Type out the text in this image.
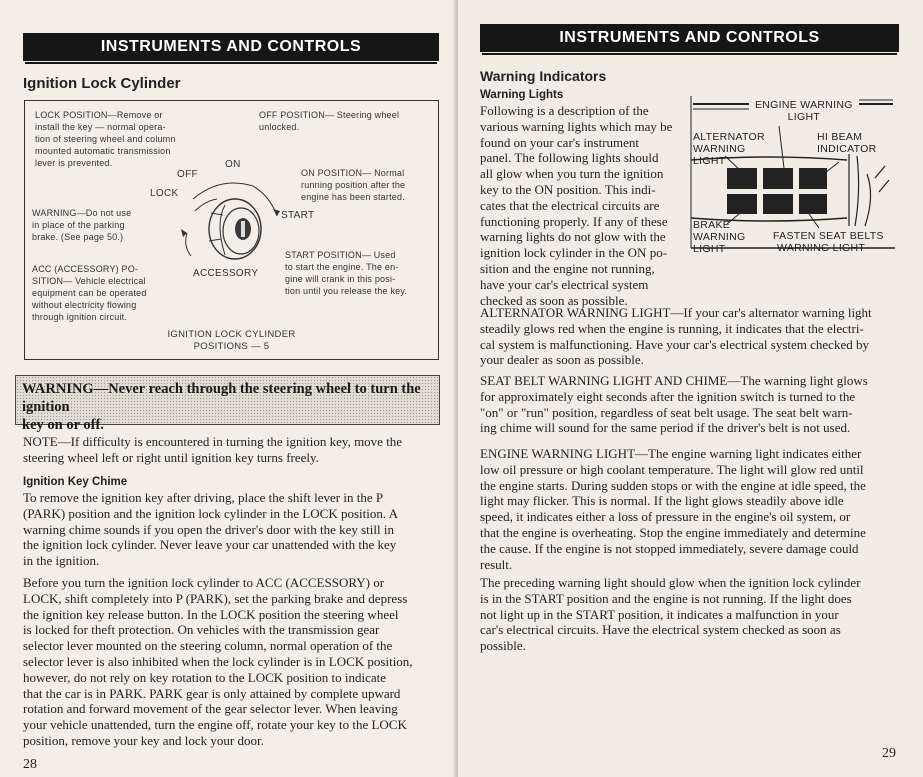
INSTRUMENTS AND CONTROLS
Ignition Lock Cylinder
LOCK POSITION—Remove or
install the key — normal opera-
tion of steering wheel and column
mounted automatic transmission
lever is prevented.
OFF POSITION— Steering wheel
unlocked.
WARNING—Do not use
in place of the parking
brake. (See page 50.)
ACC (ACCESSORY) PO-
SITION— Vehicle electrical
equipment can be operated
without electricity flowing
through ignition circuit.
ON POSITION— Normal
running position after the
engine has been started.
START POSITION— Used
to start the engine. The en-
gine will crank in this posi-
tion until you release the key.
ON
OFF
LOCK
START
ACCESSORY
IGNITION LOCK CYLINDER
POSITIONS — 5

WARNING—Never reach through the steering wheel to turn the ignition
key on or off.

NOTE—If difficulty is encountered in turning the ignition key, move the
steering wheel left or right until ignition key turns freely.
Ignition Key Chime
To remove the ignition key after driving, place the shift lever in the P
(PARK) position and the ignition lock cylinder in the LOCK position. A
warning chime sounds if you open the driver's door with the key still in
the ignition lock cylinder. Never leave your car unattended with the key
in the ignition.
Before you turn the ignition lock cylinder to ACC (ACCESSORY) or
LOCK, shift completely into P (PARK), set the parking brake and depress
the ignition key release button. In the LOCK position the steering wheel
is locked for theft protection. On vehicles with the transmission gear
selector lever mounted on the steering column, normal operation of the
selector lever is also inhibited when the lock cylinder is in LOCK position,
however, do not rely on key rotation to the LOCK position to indicate
that the car is in PARK. PARK gear is only attained by complete upward
rotation and forward movement of the gear selector lever. When leaving
your vehicle unattended, turn the engine off, rotate your key to the LOCK
position, remove your key and lock your door.
28
INSTRUMENTS AND CONTROLS
Warning Indicators
Warning Lights
Following is a description of the
various warning lights which may be
found on your car's instrument
panel. The following lights should
all glow when you turn the ignition
key to the ON position. This indi-
cates that the electrical circuits are
functioning properly. If any of these
warning lights do not glow with the
ignition lock cylinder in the ON po-
sition and the engine not running,
have your car's electrical system
checked as soon as possible.
ALTERNATOR WARNING LIGHT—If your car's alternator warning light
steadily glows red when the engine is running, it indicates that the electri-
cal system is malfunctioning. Have your car's electrical system checked by
your dealer as soon as possible.
SEAT BELT WARNING LIGHT AND CHIME—The warning light glows
for approximately eight seconds after the ignition switch is turned to the
"on" or "run" position, regardless of seat belt usage. The seat belt warn-
ing chime will sound for the same period if the driver's belt is not used.
ENGINE WARNING LIGHT—The engine warning light indicates either
low oil pressure or high coolant temperature. The light will glow red until
the engine starts. During sudden stops or with the engine at idle speed, the
light may flicker. This is normal. If the light glows steadily above idle
speed, it indicates either a loss of pressure in the engine's oil system, or
that the engine is overheating. Stop the engine immediately and determine
the cause. If the engine is not stopped immediately, severe damage could
result.
The preceding warning light should glow when the ignition lock cylinder
is in the START position and the engine is not running. If the light does
not light up in the START position, it indicates a malfunction in your
car's electrical circuits. Have the electrical system checked as soon as
possible.
29
ENGINE WARNING
LIGHT
ALTERNATOR
WARNING
LIGHT
HI BEAM
INDICATOR
BRAKE
WARNING
LIGHT
FASTEN SEAT BELTS
WARNING LIGHT
